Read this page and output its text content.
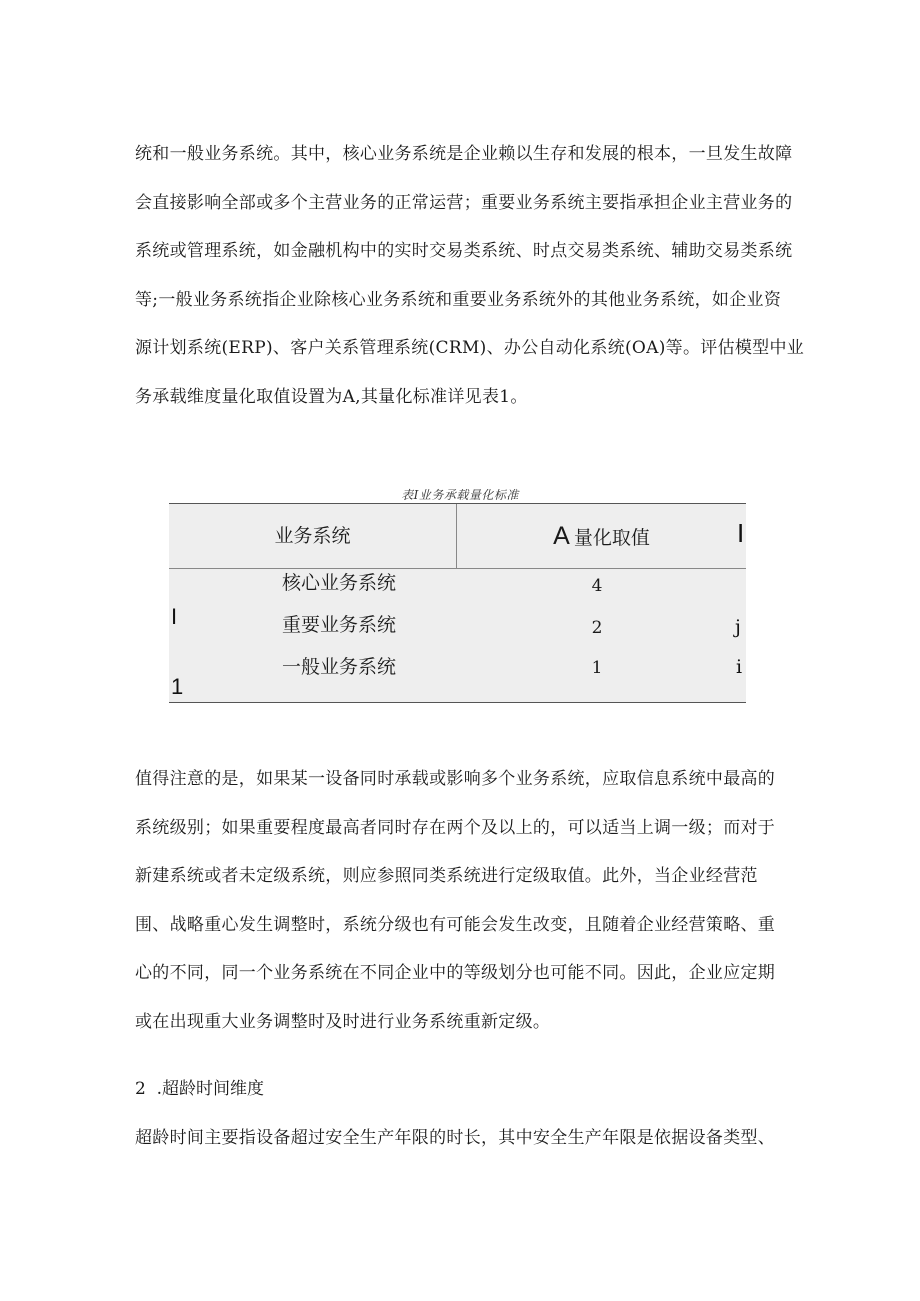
统和一般业务系统。其中，核心业务系统是企业赖以生存和发展的根本，一旦发生故障
会直接影响全部或多个主营业务的正常运营；重要业务系统主要指承担企业主营业务的
系统或管理系统，如金融机构中的实时交易类系统、时点交易类系统、辅助交易类系统
等;一般业务系统指企业除核心业务系统和重要业务系统外的其他业务系统，如企业资
源计划系统(ERP)、客户关系管理系统(CRM)、办公自动化系统(OA)等。评估模型中业
务承载维度量化取值设置为A,其量化标准详见表1。
表I业务承载量化标准
业务系统	A 量化取值	I
I
1
j
i
核心业务系统	4
重要业务系统	2
一般业务系统	1
值得注意的是，如果某一设备同时承载或影响多个业务系统，应取信息系统中最高的
系统级别；如果重要程度最高者同时存在两个及以上的，可以适当上调一级；而对于
新建系统或者未定级系统，则应参照同类系统进行定级取值。此外，当企业经营范
围、战略重心发生调整时，系统分级也有可能会发生改变，且随着企业经营策略、重
心的不同，同一个业务系统在不同企业中的等级划分也可能不同。因此，企业应定期
或在出现重大业务调整时及时进行业务系统重新定级。
2  .超龄时间维度
超龄时间主要指设备超过安全生产年限的时长，其中安全生产年限是依据设备类型、
